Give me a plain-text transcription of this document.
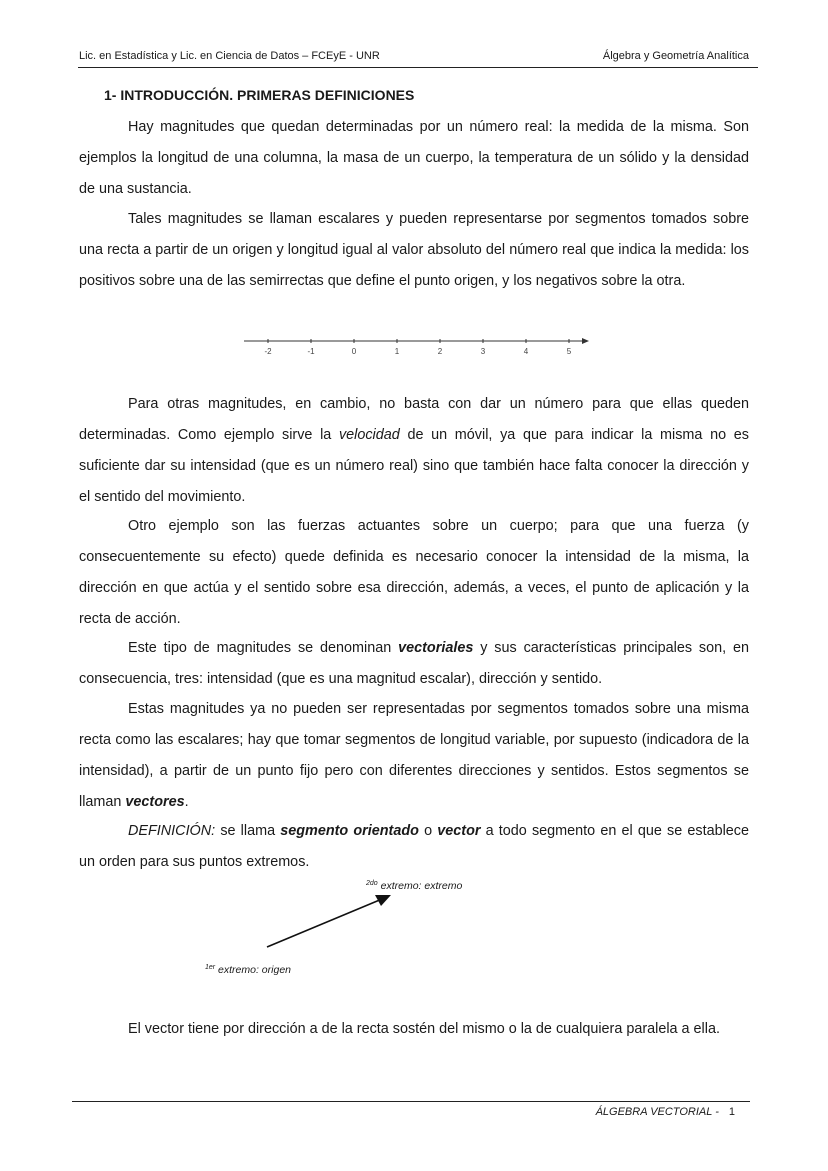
Lic. en Estadística y Lic. en Ciencia de Datos – FCEyE - UNR	Álgebra y Geometría Analítica
1- INTRODUCCIÓN. PRIMERAS DEFINICIONES

Hay magnitudes que quedan determinadas por un número real: la medida de la misma. Son ejemplos la longitud de una columna, la masa de un cuerpo, la temperatura de un sólido y la densidad de una sustancia.

Tales magnitudes se llaman escalares y pueden representarse por segmentos tomados sobre una recta a partir de un origen y longitud igual al valor absoluto del número real que indica la medida: los positivos sobre una de las semirrectas que define el punto origen, y los negativos sobre la otra.

-2	-1	0	1	2	3	4	5

Para otras magnitudes, en cambio, no basta con dar un número para que ellas queden determinadas. Como ejemplo sirve la velocidad de un móvil, ya que para indicar la misma no es suficiente dar su intensidad (que es un número real) sino que también hace falta conocer la dirección y el sentido del movimiento.

Otro ejemplo son las fuerzas actuantes sobre un cuerpo; para que una fuerza (y consecuentemente su efecto) quede definida es necesario conocer la intensidad de la misma, la dirección en que actúa y el sentido sobre esa dirección, además, a veces, el punto de aplicación y la recta de acción.

Este tipo de magnitudes se denominan vectoriales y sus características principales son, en consecuencia, tres: intensidad (que es una magnitud escalar), dirección y sentido.

Estas magnitudes ya no pueden ser representadas por segmentos tomados sobre una misma recta como las escalares; hay que tomar segmentos de longitud variable, por supuesto (indicadora de la intensidad), a partir de un punto fijo pero con diferentes direcciones y sentidos. Estos segmentos se llaman vectores.

DEFINICIÓN: se llama segmento orientado o vector a todo segmento en el que se establece un orden para sus puntos extremos.

$^{2do}$ extremo: extremo
$^{1er}$ extremo: origen

El vector tiene por dirección a de la recta sostén del mismo o la de cualquiera paralela a ella.

ÁLGEBRA VECTORIAL - 1
